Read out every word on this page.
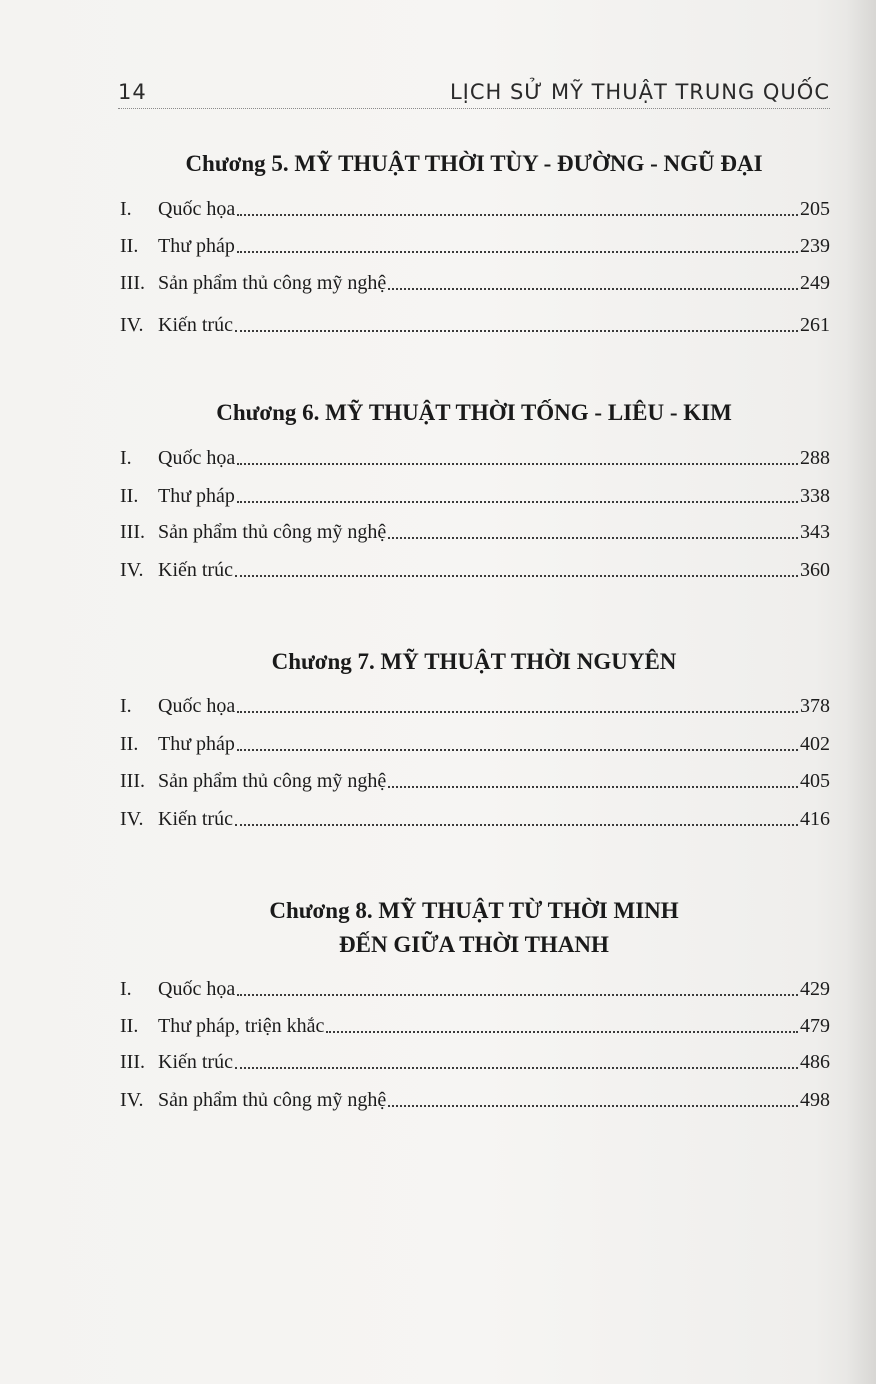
14	LỊCH SỬ MỸ THUẬT TRUNG QUỐC
Chương 5. MỸ THUẬT THỜI TÙY - ĐƯỜNG - NGŨ ĐẠI
I.	Quốc họa	205
II. Thư pháp	239
III. Sản phẩm thủ công mỹ nghệ	249
IV. Kiến trúc	261
Chương 6. MỸ THUẬT THỜI TỐNG - LIÊU - KIM
I.	Quốc họa	288
II. Thư pháp	338
III. Sản phẩm thủ công mỹ nghệ	343
IV. Kiến trúc	360
Chương 7. MỸ THUẬT THỜI NGUYÊN
I.	Quốc họa	378
II. Thư pháp	402
III. Sản phẩm thủ công mỹ nghệ	405
IV. Kiến trúc	416
Chương 8. MỸ THUẬT TỪ THỜI MINH
ĐẾN GIỮA THỜI THANH
I.	Quốc họa	429
II. Thư pháp, triện khắc	479
III. Kiến trúc	486
IV. Sản phẩm thủ công mỹ nghệ	498
